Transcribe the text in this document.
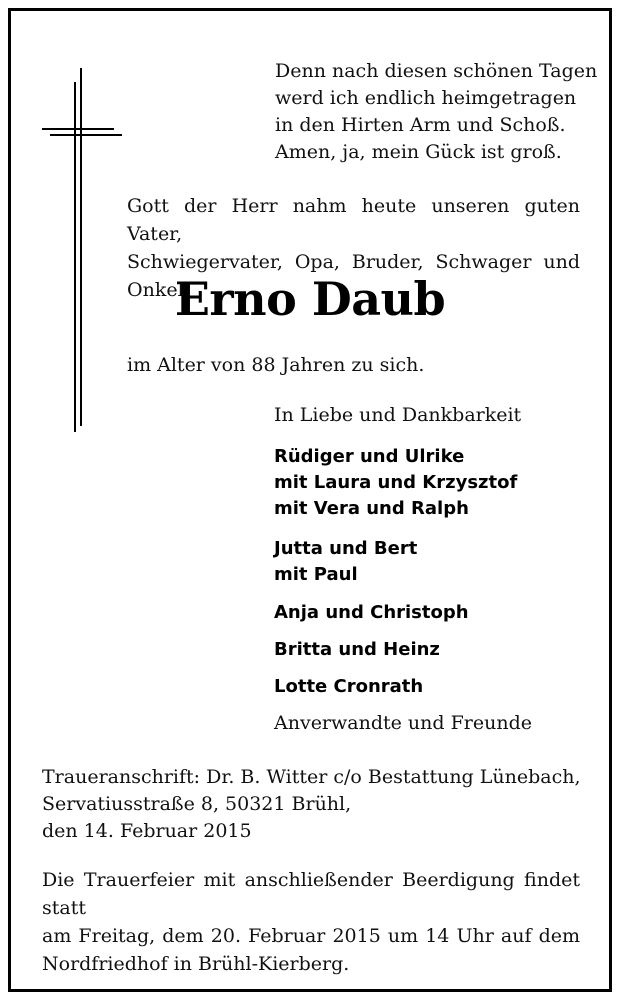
Denn nach diesen schönen Tagen
werd ich endlich heimgetragen
in den Hirten Arm und Schoß.
Amen, ja, mein Gück ist groß.
Gott der Herr nahm heute unseren guten Vater,
Schwiegervater, Opa, Bruder, Schwager und Onkel
Erno Daub
im Alter von 88 Jahren zu sich.
In Liebe und Dankbarkeit
Rüdiger und Ulrike
mit Laura und Krzysztof
mit Vera und Ralph
Jutta und Bert
mit Paul
Anja und Christoph
Britta und Heinz
Lotte Cronrath
Anverwandte und Freunde
Traueranschrift: Dr. B. Witter c/o Bestattung Lünebach,
Servatiusstraße 8, 50321 Brühl,
den 14. Februar 2015
Die Trauerfeier mit anschließender Beerdigung findet statt
am Freitag, dem 20. Februar 2015 um 14 Uhr auf dem
Nordfriedhof in Brühl-Kierberg.
